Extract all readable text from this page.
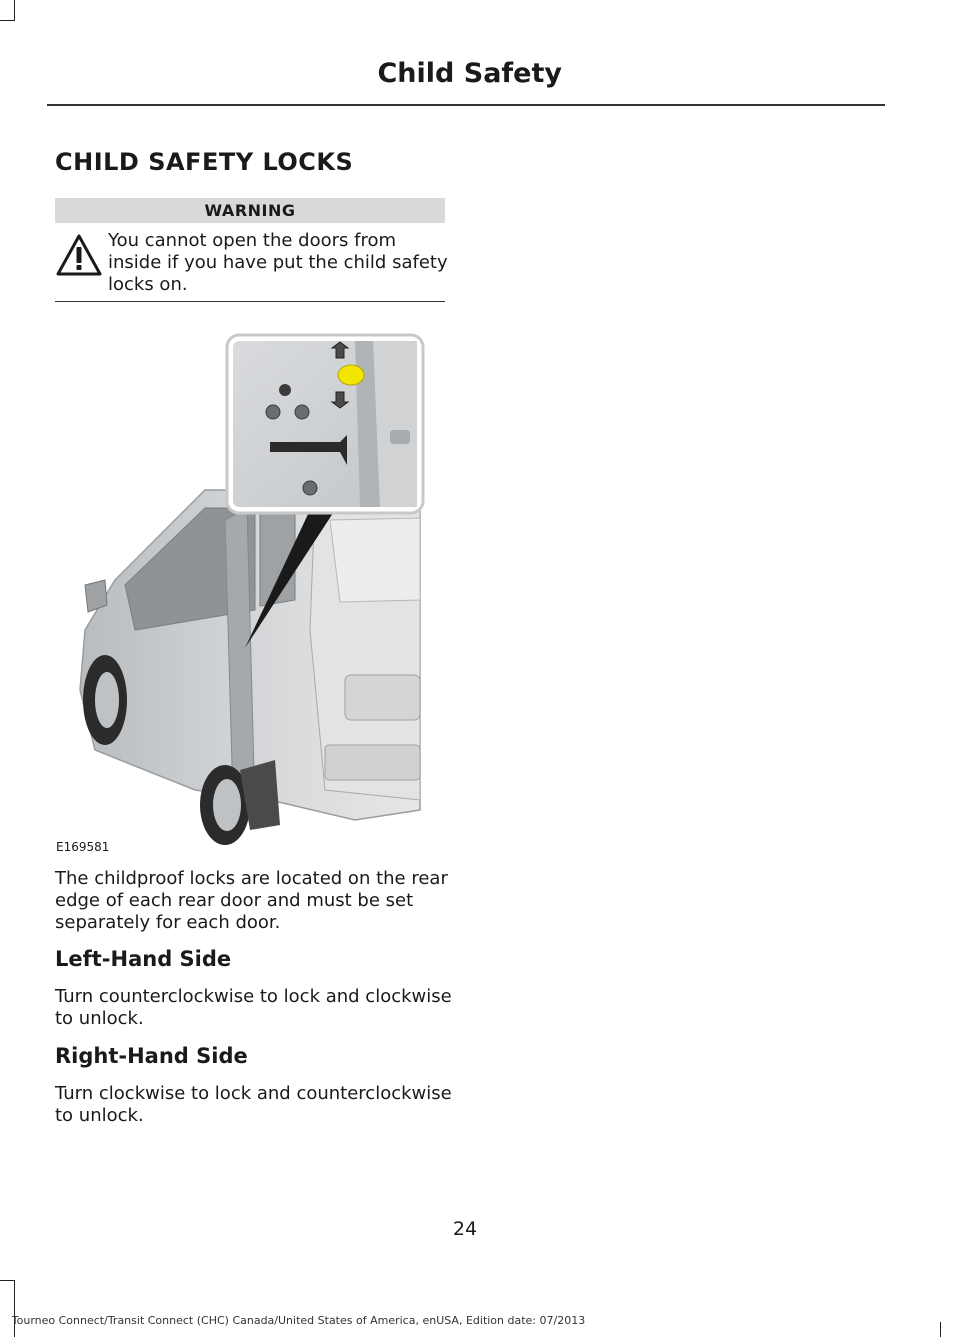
Child Safety
CHILD SAFETY LOCKS
WARNING
You cannot open the doors from inside if you have put the child safety locks on.
E169581
The childproof locks are located on the rear edge of each rear door and must be set separately for each door.
Left-Hand Side
Turn counterclockwise to lock and clockwise to unlock.
Right-Hand Side
Turn clockwise to lock and counterclockwise to unlock.
24
Tourneo Connect/Transit Connect (CHC) Canada/United States of America, enUSA, Edition date: 07/2013
